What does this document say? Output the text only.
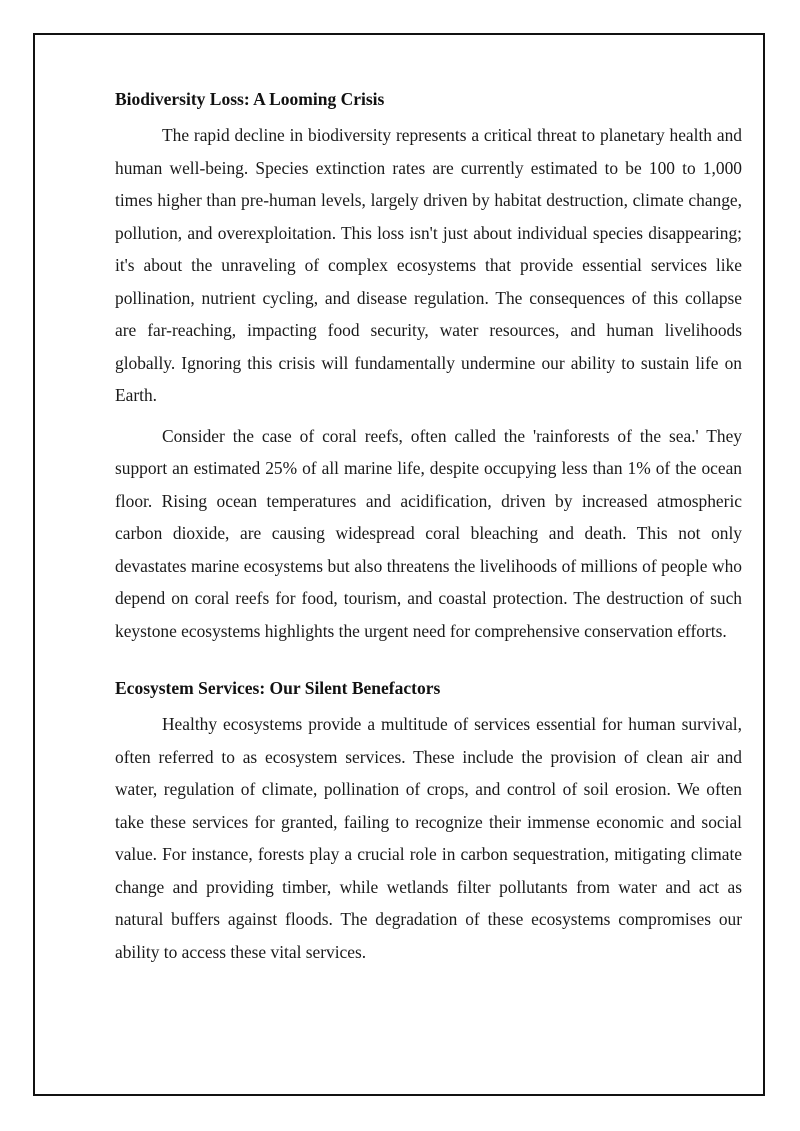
Biodiversity Loss: A Looming Crisis

The rapid decline in biodiversity represents a critical threat to planetary health and human well-being. Species extinction rates are currently estimated to be 100 to 1,000 times higher than pre-human levels, largely driven by habitat destruction, climate change, pollution, and overexploitation. This loss isn't just about individual species disappearing; it's about the unraveling of complex ecosystems that provide essential services like pollination, nutrient cycling, and disease regulation. The consequences of this collapse are far-reaching, impacting food security, water resources, and human livelihoods globally. Ignoring this crisis will fundamentally undermine our ability to sustain life on Earth.

Consider the case of coral reefs, often called the 'rainforests of the sea.' They support an estimated 25% of all marine life, despite occupying less than 1% of the ocean floor. Rising ocean temperatures and acidification, driven by increased atmospheric carbon dioxide, are causing widespread coral bleaching and death. This not only devastates marine ecosystems but also threatens the livelihoods of millions of people who depend on coral reefs for food, tourism, and coastal protection. The destruction of such keystone ecosystems highlights the urgent need for comprehensive conservation efforts.

Ecosystem Services: Our Silent Benefactors

Healthy ecosystems provide a multitude of services essential for human survival, often referred to as ecosystem services. These include the provision of clean air and water, regulation of climate, pollination of crops, and control of soil erosion. We often take these services for granted, failing to recognize their immense economic and social value. For instance, forests play a crucial role in carbon sequestration, mitigating climate change and providing timber, while wetlands filter pollutants from water and act as natural buffers against floods. The degradation of these ecosystems compromises our ability to access these vital services.
